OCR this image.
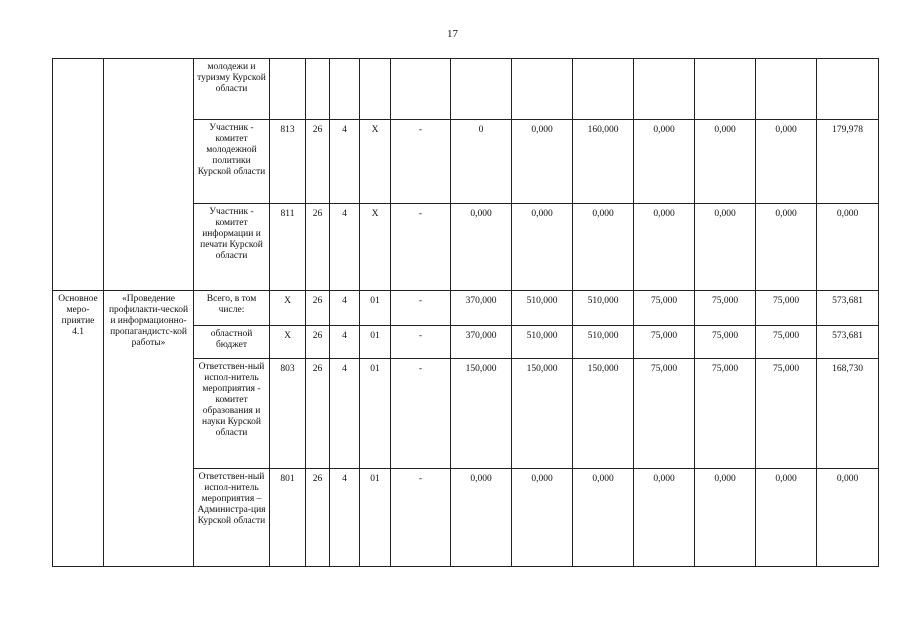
17
		молодежи и туризму Курской области												
		Участник - комитет молодежной политики Курской области	813	26	4	Х	-	0	0,000	160,000	0,000	0,000	0,000	179,978
		Участник - комитет информации и печати Курской области	811	26	4	Х	-	0,000	0,000	0,000	0,000	0,000	0,000	0,000
Основное меро-приятие 4.1	«Проведение профилакти-ческой и информационно-пропагандистс-кой работы»	Всего, в том числе:	Х	26	4	01	-	370,000	510,000	510,000	75,000	75,000	75,000	573,681
		областной бюджет	Х	26	4	01	-	370,000	510,000	510,000	75,000	75,000	75,000	573,681
		Ответствен-ный испол-нитель мероприятия - комитет образования и науки Курской области	803	26	4	01	-	150,000	150,000	150,000	75,000	75,000	75,000	168,730
		Ответствен-ный испол-нитель мероприятия – Администра-ция Курской области	801	26	4	01	-	0,000	0,000	0,000	0,000	0,000	0,000	0,000
